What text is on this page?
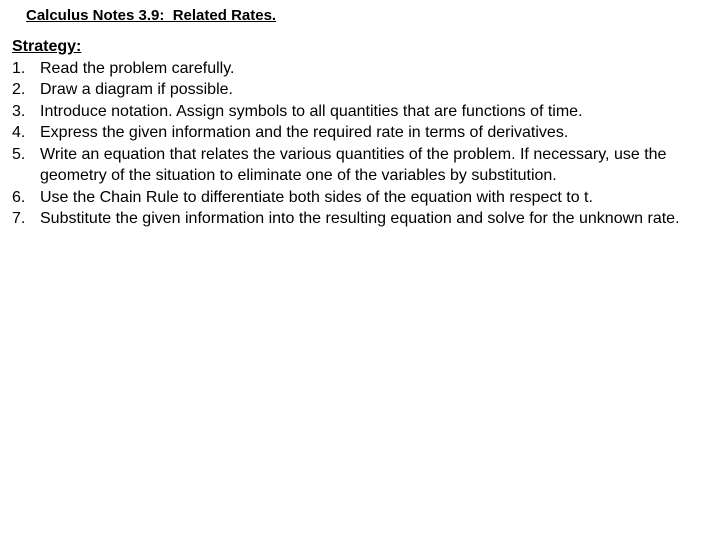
Calculus Notes 3.9:  Related Rates.
Strategy:
1. Read the problem carefully.
2. Draw a diagram if possible.
3. Introduce notation. Assign symbols to all quantities that are functions of time.
4. Express the given information and the required rate in terms of derivatives.
5. Write an equation that relates the various quantities of the problem. If necessary, use the geometry of the situation to eliminate one of the variables by substitution.
6. Use the Chain Rule to differentiate both sides of the equation with respect to t.
7. Substitute the given information into the resulting equation and solve for the unknown rate.
